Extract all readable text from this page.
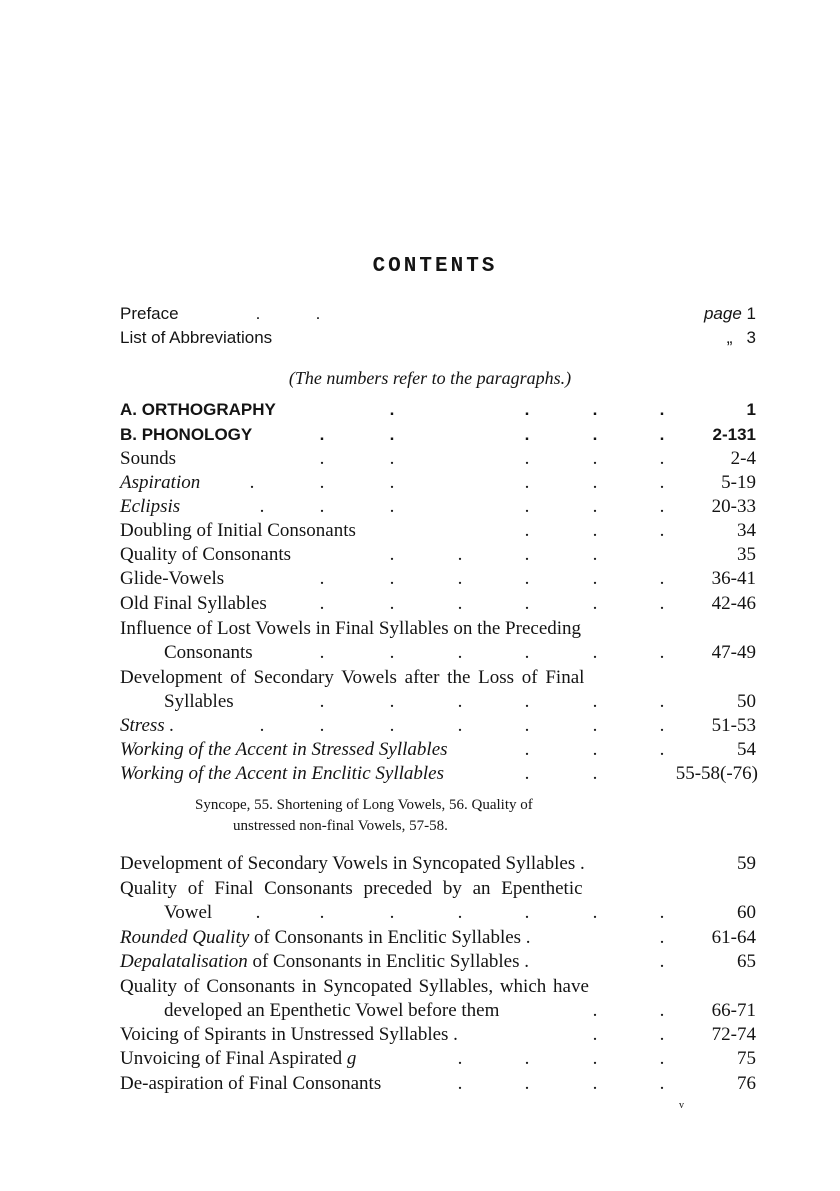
CONTENTS
Preface	.	.	page 1
List of Abbreviations	„ 3
(The numbers refer to the paragraphs.)
A. ORTHOGRAPHY	.	.	.	.	1
B. PHONOLOGY	.	.	.	.	.	2-131
Sounds	.	.	.	.	.	2-4
Aspiration	.	.	.	.	.	.	5-19
Eclipsis	.	.	.	.	.	. 20-33
Doubling of Initial Consonants	.	.	.	34
Quality of Consonants	.	.	.	.	35
Glide-Vowels	.	.	.	.	.	. 36-41
Old Final Syllables	.	.	.	.	.	. 42-46
Influence of Lost Vowels in Final Syllables on the Preceding
Consonants	.	.	.	.	.	. 47-49
Development of Secondary Vowels after the Loss of Final
Syllables	.	.	.	.	.	.	50
Stress .	.	.	.	.	.	.	. 51-53
Working of the Accent in Stressed Syllables	.	.	.	54
Working of the Accent in Enclitic Syllables	.	.	55-58(-76)
Syncope, 55. Shortening of Long Vowels, 56. Quality of
unstressed non-final Vowels, 57-58.
Development of Secondary Vowels in Syncopated Syllables .	59
Quality of Final Consonants preceded by an Epenthetic
Vowel .	.	.	.	.	.	.	60
Rounded Quality of Consonants in Enclitic Syllables .	. 61-64
Depalatalisation of Consonants in Enclitic Syllables .	.	65
Quality of Consonants in Syncopated Syllables, which have
developed an Epenthetic Vowel before them	.	. 66-71
Voicing of Spirants in Unstressed Syllables .	.	. 72-74
Unvoicing of Final Aspirated g	.	.	.	.	75
De-aspiration of Final Consonants	.	.	.	.	76
v
